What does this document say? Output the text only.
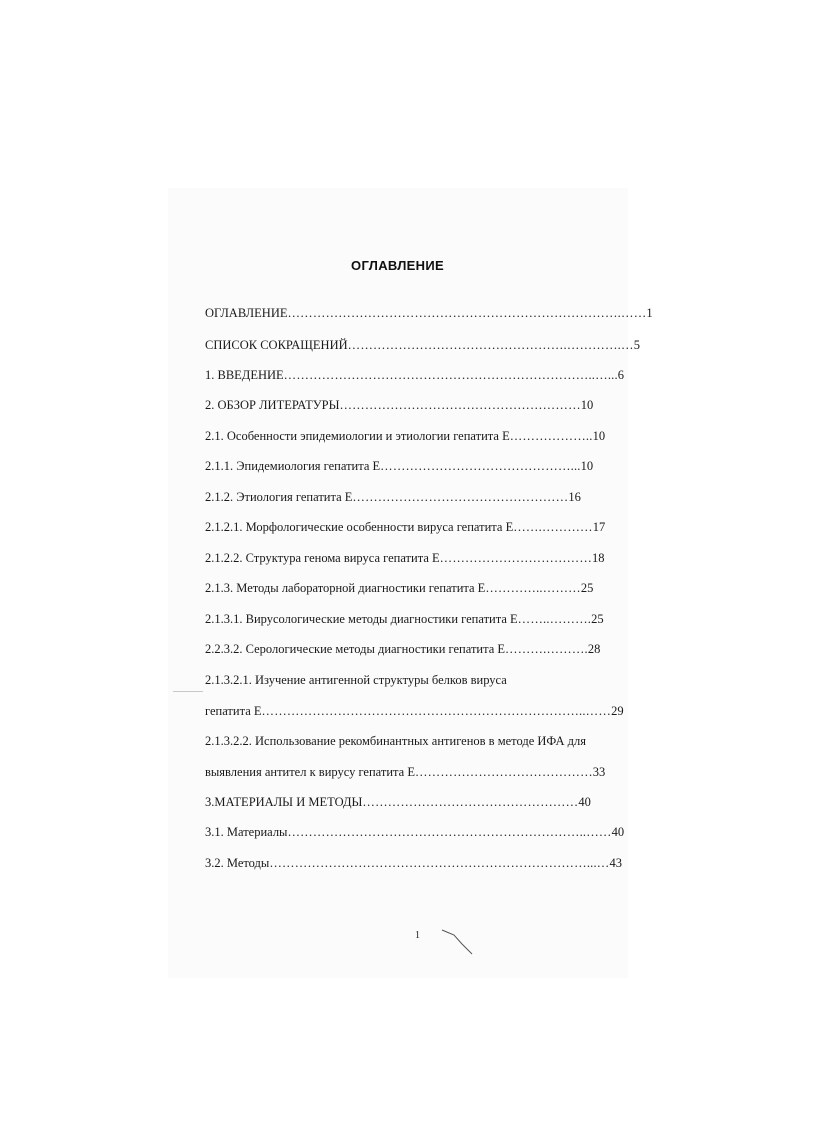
ОГЛАВЛЕНИЕ
ОГЛАВЛЕНИЕ…………………………………………………………………….……1
СПИСОК СОКРАЩЕНИЙ…………………………………………….………….…5
1. ВВЕДЕНИЕ………………………………………………………………..…...6
2. ОБЗОР ЛИТЕРАТУРЫ…………………………………………………10
2.1. Особенности эпидемиологии и этиологии гепатита Е………………..10
2.1.1. Эпидемиология гепатита Е………………………………………...10
2.1.2. Этиология гепатита Е……………………………………………16
2.1.2.1. Морфологические особенности вируса гепатита Е…….…………17
2.1.2.2. Структура генома вируса гепатита Е………………………………18
2.1.3. Методы лабораторной диагностики гепатита Е…………..………25
2.1.3.1. Вирусологические методы диагностики гепатита Е……..……….25
2.2.3.2. Серологические методы диагностики гепатита Е……….……….28
2.1.3.2.1. Изучение антигенной структуры белков вируса
гепатита Е…………………………………………………………………..……29
2.1.3.2.2. Использование рекомбинантных антигенов в методе ИФА для
выявления антител к вирусу гепатита Е……………………………………33
3.МАТЕРИАЛЫ И МЕТОДЫ……………………………………………40
3.1. Материалы……………………………………………………………..……40
3.2. Методы…………………………………………………………………...…43
1
